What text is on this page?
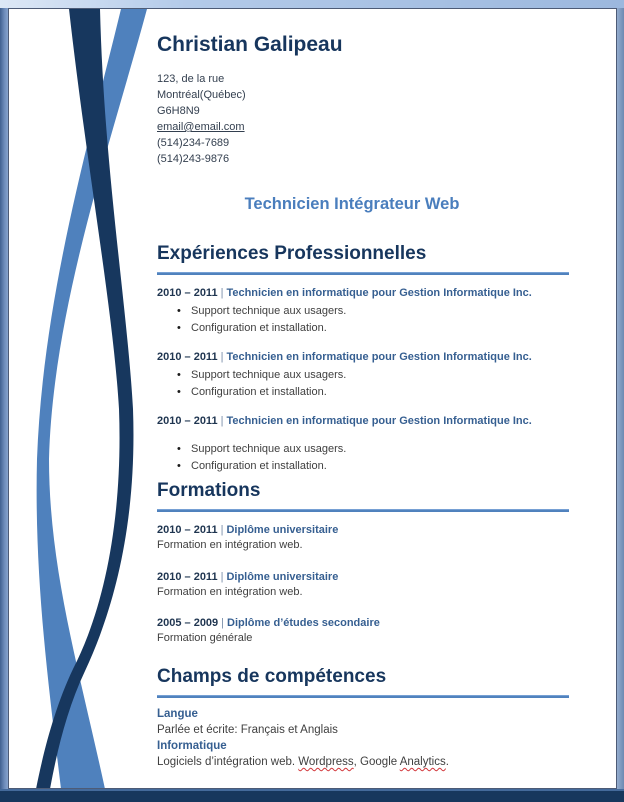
Christian Galipeau
123, de la rue
Montréal(Québec)
G6H8N9
email@email.com
(514)234-7689
(514)243-9876
Technicien Intégrateur Web
Expériences Professionnelles
2010 – 2011 | Technicien en informatique pour Gestion Informatique Inc.
• Support technique aux usagers.
• Configuration et installation.
2010 – 2011 | Technicien en informatique pour Gestion Informatique Inc.
• Support technique aux usagers.
• Configuration et installation.
2010 – 2011 | Technicien en informatique pour Gestion Informatique Inc.
• Support technique aux usagers.
• Configuration et installation.
Formations
2010 – 2011 | Diplôme universitaire
Formation en intégration web.
2010 – 2011 | Diplôme universitaire
Formation en intégration web.
2005 – 2009 | Diplôme d’études secondaire
Formation générale
Champs de compétences
Langue
Parlée et écrite: Français et Anglais
Informatique
Logiciels d’intégration web. Wordpress, Google Analytics.
